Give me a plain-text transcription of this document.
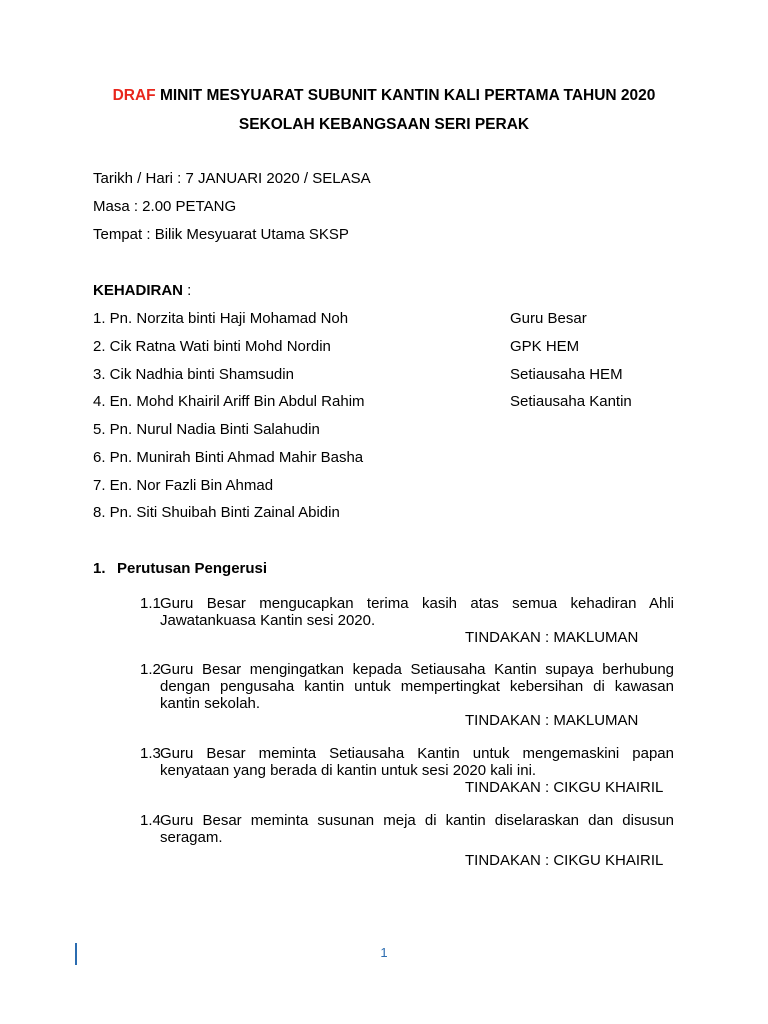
DRAF MINIT MESYUARAT SUBUNIT KANTIN KALI PERTAMA TAHUN 2020
SEKOLAH KEBANGSAAN SERI PERAK
Tarikh / Hari : 7 JANUARI 2020 / SELASA
Masa : 2.00 PETANG
Tempat : Bilik Mesyuarat Utama SKSP
KEHADIRAN :
1. Pn. Norzita binti Haji Mohamad Noh	Guru Besar
2. Cik Ratna Wati binti Mohd Nordin	GPK HEM
3. Cik Nadhia binti Shamsudin	Setiausaha HEM
4. En. Mohd Khairil Ariff Bin Abdul Rahim	Setiausaha Kantin
5. Pn. Nurul Nadia Binti Salahudin
6. Pn. Munirah Binti Ahmad Mahir Basha
7. En. Nor Fazli Bin Ahmad
8. Pn. Siti Shuibah Binti Zainal Abidin
1. Perutusan Pengerusi
1.1 Guru Besar mengucapkan terima kasih atas semua kehadiran Ahli Jawatankuasa Kantin sesi 2020.
TINDAKAN : MAKLUMAN
1.2 Guru Besar mengingatkan kepada Setiausaha Kantin supaya berhubung dengan pengusaha kantin untuk mempertingkat kebersihan di kawasan kantin sekolah.
TINDAKAN : MAKLUMAN
1.3 Guru Besar meminta Setiausaha Kantin untuk mengemaskini papan kenyataan yang berada di kantin untuk sesi 2020 kali ini.
TINDAKAN : CIKGU KHAIRIL
1.4 Guru Besar meminta susunan meja di kantin diselaraskan dan disusun seragam.
TINDAKAN : CIKGU KHAIRIL
1
